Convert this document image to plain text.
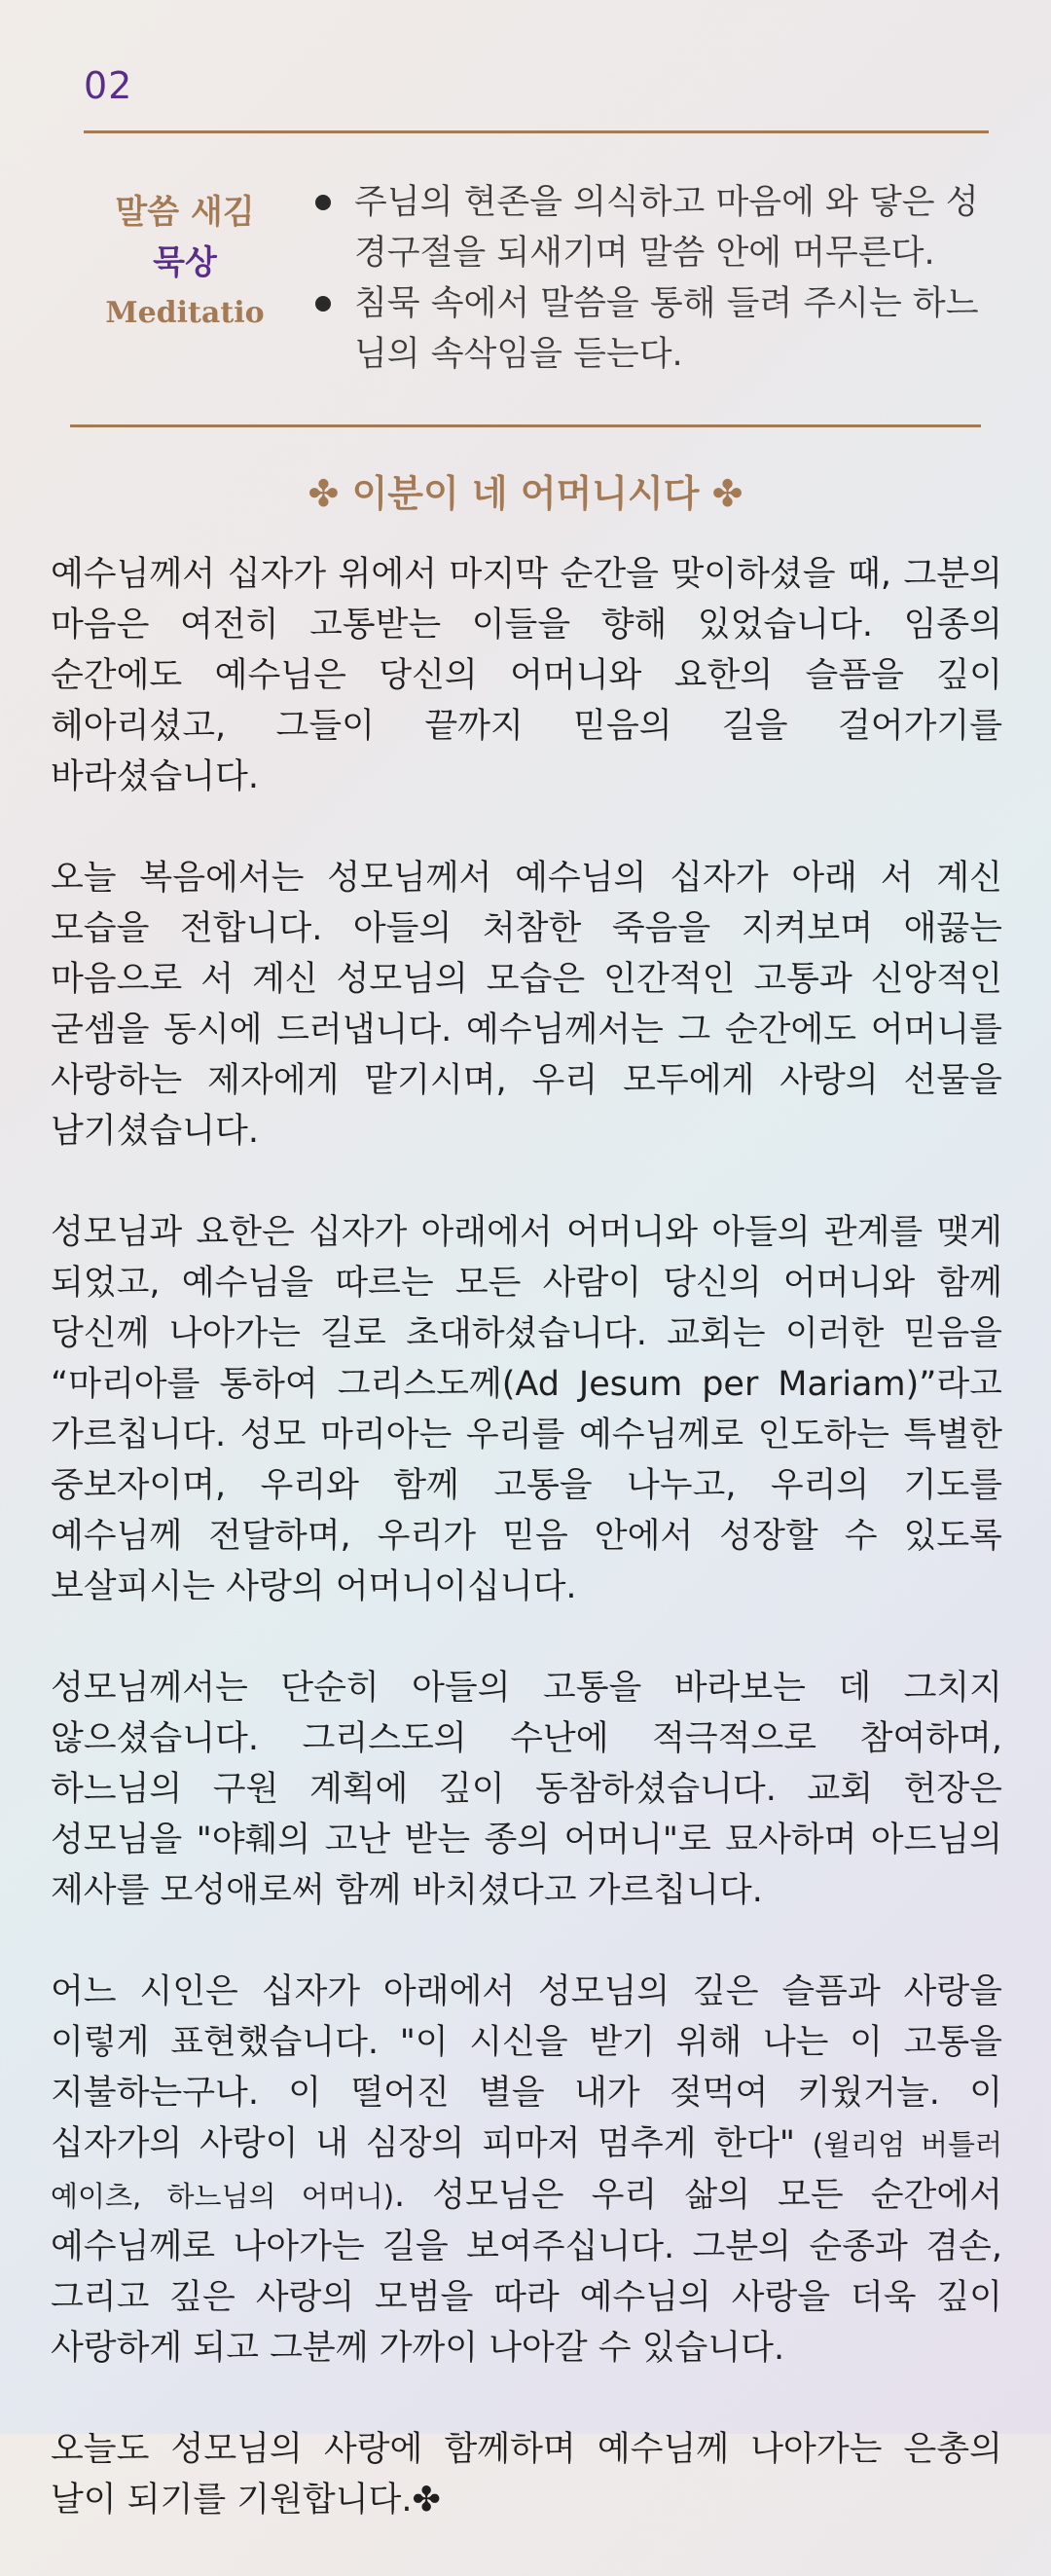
02
말씀 새김
묵상
Meditatio
주님의 현존을 의식하고 마음에 와 닿은 성경구절을 되새기며 말씀 안에 머무른다.
침묵 속에서 말씀을 통해 들려 주시는 하느님의 속삭임을 듣는다.
✤ 이분이 네 어머니시다 ✤

예수님께서 십자가 위에서 마지막 순간을 맞이하셨을 때, 그분의 마음은 여전히 고통받는 이들을 향해 있었습니다. 임종의 순간에도 예수님은 당신의 어머니와 요한의 슬픔을 깊이 헤아리셨고, 그들이 끝까지 믿음의 길을 걸어가기를 바라셨습니다.

오늘 복음에서는 성모님께서 예수님의 십자가 아래 서 계신 모습을 전합니다. 아들의 처참한 죽음을 지켜보며 애끓는 마음으로 서 계신 성모님의 모습은 인간적인 고통과 신앙적인 굳셈을 동시에 드러냅니다. 예수님께서는 그 순간에도 어머니를 사랑하는 제자에게 맡기시며, 우리 모두에게 사랑의 선물을 남기셨습니다.

성모님과 요한은 십자가 아래에서 어머니와 아들의 관계를 맺게 되었고, 예수님을 따르는 모든 사람이 당신의 어머니와 함께 당신께 나아가는 길로 초대하셨습니다. 교회는 이러한 믿음을 “마리아를 통하여 그리스도께(Ad Jesum per Mariam)”라고 가르칩니다. 성모 마리아는 우리를 예수님께로 인도하는 특별한 중보자이며, 우리와 함께 고통을 나누고, 우리의 기도를 예수님께 전달하며, 우리가 믿음 안에서 성장할 수 있도록 보살피시는 사랑의 어머니이십니다.

성모님께서는 단순히 아들의 고통을 바라보는 데 그치지 않으셨습니다. 그리스도의 수난에 적극적으로 참여하며, 하느님의 구원 계획에 깊이 동참하셨습니다. 교회 헌장은 성모님을 "야훼의 고난 받는 종의 어머니"로 묘사하며 아드님의 제사를 모성애로써 함께 바치셨다고 가르칩니다.

어느 시인은 십자가 아래에서 성모님의 깊은 슬픔과 사랑을 이렇게 표현했습니다. "이 시신을 받기 위해 나는 이 고통을 지불하는구나. 이 떨어진 별을 내가 젖먹여 키웠거늘. 이 십자가의 사랑이 내 심장의 피마저 멈추게 한다" (윌리엄 버틀러 예이츠, 하느님의 어머니). 성모님은 우리 삶의 모든 순간에서 예수님께로 나아가는 길을 보여주십니다. 그분의 순종과 겸손, 그리고 깊은 사랑의 모범을 따라 예수님의 사랑을 더욱 깊이 사랑하게 되고 그분께 가까이 나아갈 수 있습니다.

오늘도 성모님의 사랑에 함께하며 예수님께 나아가는 은총의 날이 되기를 기원합니다.✤
